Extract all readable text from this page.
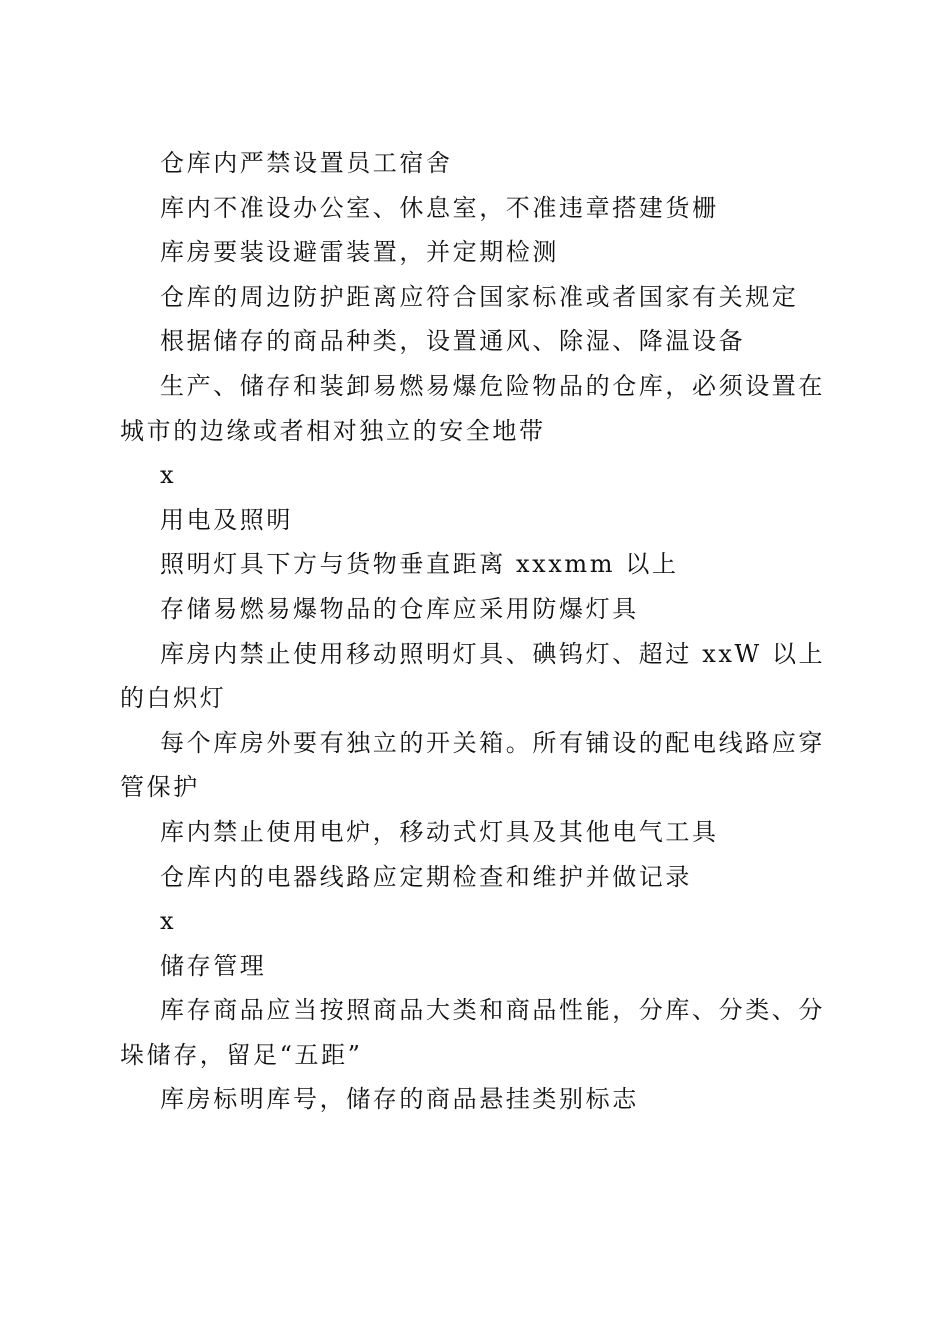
仓库内严禁设置员工宿舍

库内不准设办公室、休息室，不准违章搭建货栅

库房要装设避雷装置，并定期检测

仓库的周边防护距离应符合国家标准或者国家有关规定

根据储存的商品种类，设置通风、除湿、降温设备

生产、储存和装卸易燃易爆危险物品的仓库，必须设置在城市的边缘或者相对独立的安全地带

x

用电及照明

照明灯具下方与货物垂直距离 xxxmm 以上

存储易燃易爆物品的仓库应采用防爆灯具

库房内禁止使用移动照明灯具、碘钨灯、超过 xxW 以上的白炽灯

每个库房外要有独立的开关箱。所有铺设的配电线路应穿管保护

库内禁止使用电炉，移动式灯具及其他电气工具

仓库内的电器线路应定期检查和维护并做记录

x

储存管理

库存商品应当按照商品大类和商品性能，分库、分类、分垛储存，留足“五距”

库房标明库号，储存的商品悬挂类别标志
